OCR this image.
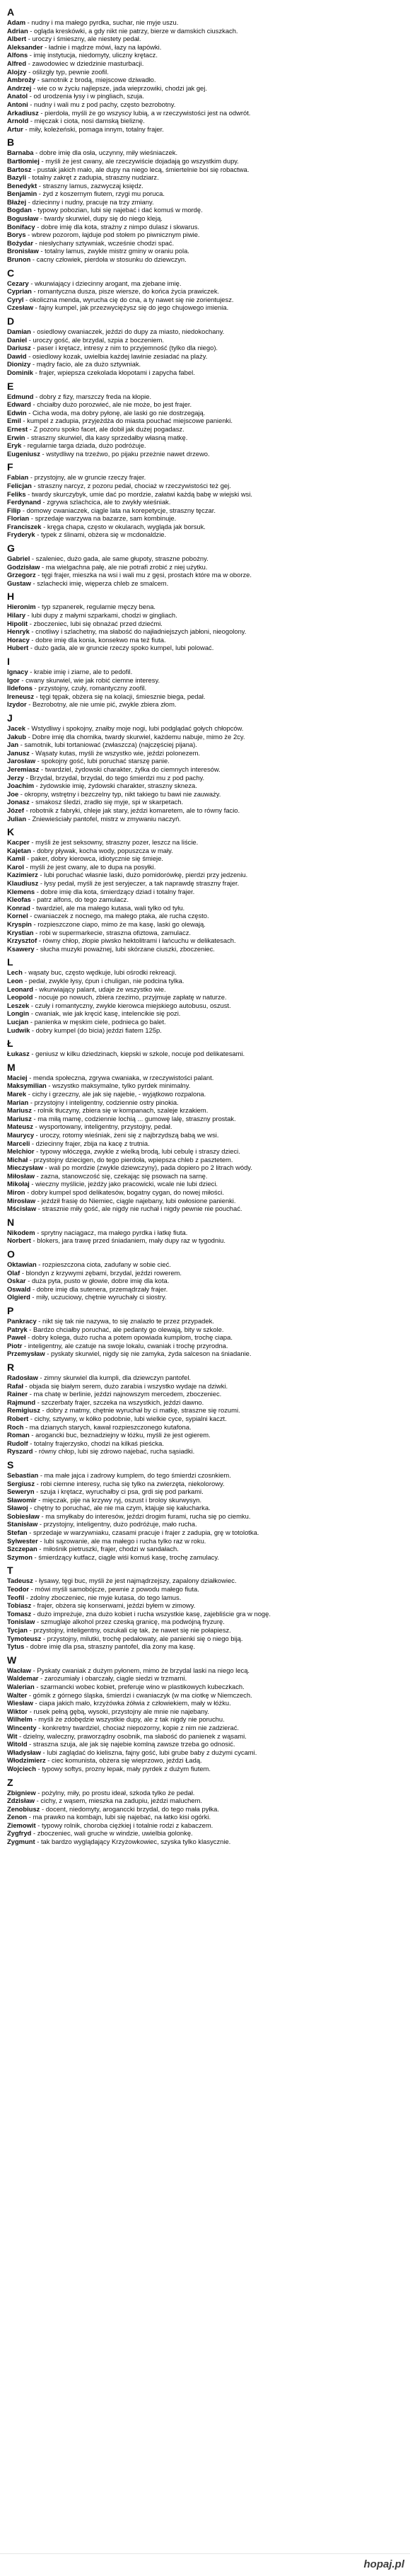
A
Adam - nudny i ma małego pyrdka, suchar, nie myje uszu.
Adrian - ogląda kreskówki, a gdy nikt nie patrzy, bierze w damskich ciuszkach.
Albert - uroczy i śmieszny, ale niestety pedał.
Aleksander - ładnie i mądrze mówi, łazy na łapówki.
Alfons - imię instytucja, niedomyty, uliczny krętacz.
Alfred - zawodowiec w dziedzinie masturbacji.
Alojzy - oślizgły typ, pewnie zoofil.
Ambroży - samotnik z brodą, miejscowe dziwadło.
Andrzej - wie co w życiu najlepsze, jada wieprzowiki, chodzi jak gej.
Anatol - od urodzenia łysy i w pingliach, szuja.
Antoni - nudny i wali mu z pod pachy, często bezrobotny.
Arkadiusz - pierdoła, myśli że go wszyscy lubią, a w rzeczywistości jest na odwrót.
Arnold - mięczak i ciota, nosi damską bieliznę.
Artur - miły, koleżeński, pomaga innym, totalny frajer.
B
Barnaba - dobre imię dla osła, uczynny, miły wieśniaczek.
Bartłomiej - myśli że jest cwany, ale rzeczywiście dojadają go wszystkim dupy.
Bartosz - pustak jakich mało, ale dupy na niego lecą, śmiertelnie boi się robactwa.
Bazyli - totalny zakręt z zadupia, straszny nudziarz.
Benedykt - straszny lamus, zazwyczaj księdz.
Benjamin - żyd z koszernym fiutem, rzygi mu poruca.
Błażej - dziecinny i nudny, pracuje na trzy zmiany.
Bogdan - typowy pobozian, lubi się najebać i dać komuś w mordę.
Bogusław - twardy skurwiel, dupy się do niego kleją.
Bonifacy - dobre imię dla kota, strażny z nimpo dulasz i skwarus.
Borys - wbrew pozorom, łajduje pod stołem po piwnicznym piwie.
Bożydar - niesłychany sztywniak, wcześnie chodzi spać.
Bronisław - totalny lamus, zwykłe mistrz gminy w oraniu pola.
Brunon - cacny człowiek, pierdoła w stosunku do dziewczyn.
C
Cezary - wkurwiający i dziecinny arogant, ma zjebane imię.
Cyprian - romantyczna dusza, pisze wiersze, do końca życia prawiczek.
Cyryl - okoliczna menda, wyrucha cię do cna, a ty nawet się nie zorientujesz.
Czesław - fajny kumpel, jak przezwyciężysz się do jego chujowego imienia.
D
Damian - osiedlowy cwaniaczek, jeździ do dupy za miasto, niedokochany.
Daniel - uroczy gość, ale brzydal, szpia z boczeniem.
Dariusz - paser i krętacz, intresy z nim to przyjemność (tylko dla niego).
Dawid - osiedlowy kozak, uwielbia każdej lawinie zesiadać na plaży.
Dionizy - mądry facio, ale za dużo sztywniak.
Dominik - frajer, wpiepsza czekolada kłopotami i zapycha fabel.
E
Edmund - dobry z fizy, marszczy freda na kłopie.
Edward - chciałby dużo porozwieć, ale nie może, bo jest frajer.
Edwin - Cicha woda, ma dobry pyłonę, ale laski go nie dostrzegają.
Emil - kumpel z zadupia, przyjeżdża do miasta pouchać miejscowe panienki.
Ernest - Z pozoru spoko facet, ale dobił jak dużej pogadasz.
Erwin - straszny skurwiel, dla kasy sprzedałby własną matkę.
Eryk - regularnie targa dziada, dużo podróżuje.
Eugeniusz - wstydliwy na trzeźwo, po pijaku przeżnie nawet drzewo.
F
Fabian - przystojny, ale w gruncie rzeczy frajer.
Felicjan - straszny narcyz, z pozoru pedał, chociaż w rzeczywistości też gej.
Feliks - twardy skurczybyk, umie dać po mordzie, załatwi każdą babę w wiejski wsi.
Ferdynand - zgrywa szlachcica, ale to zwykły wieśniak.
Filip - domowy cwaniaczek, ciągle lata na korepetycje, straszny tęczar.
Florian - sprzedaje warzywa na bazarze, sam kombinuje.
Franciszek - kręga chapa, często w okularach, wygląda jak borsuk.
Fryderyk - typek z ślinami, obżera się w mcdonaldzie.
G
Gabriel - szaleniec, dużo gada, ale same głupoty, straszne pobożny.
Godzisław - ma wielgachna pałę, ale nie potrafi zrobić z niej użytku.
Grzegorz - tęgi frajer, mieszka na wsi i wali mu z gęsi, prostach które ma w oborze.
Gustaw - szlachecki imię, więperza chleb ze smalcem.
H
Hieronim - typ szpanerek, regularnie męczy bena.
Hilary - lubi dupy z małymi szparkami, chodzi w gingliach.
Hipolit - zboczeniec, lubi się obnażać przed dziećmi.
Henryk - cnotliwy i szlachetny, ma słabość do najładniejszych jabłoni, nieogolony.
Horacy - dobre imię dla konia, konsekwo ma też fiuta.
Hubert - dużo gada, ale w gruncie rzeczy spoko kumpel, lubi polować.
I
Ignacy - krabie imię i ziarne, ale to pedofil.
Igor - cwany skurwiel, wie jak robić ciemne interesy.
Ildefons - przystojny, czuły, romantyczny zoofil.
Ireneusz - tęgi tępak, obżera się na kolacji, śmiesznie biega, pedał.
Izydor - Bezrobotny, ale nie umie pić, zwykle zbiera złom.
J
Jacek - Wstydliwy i spokojny, znałby moje nogi, lubi podglądać gołych chłopców.
Jakub - Dobre imię dla chomika, twardy skurwiel, każdemu nabuje, mimo że 2cy.
Jan - samotnik, lubi tortaniować (zwłaszcza) (najczęściej pijana).
Janusz - Wąsaty kutas, myśli że wszystko wie, jeździ polonezem.
Jarosław - spokojny gość, lubi poruchać starszę panie.
Jeremiasz - twardziel, żydowski charakter, żylka do ciemnych interesów.
Jerzy - Brzydal, brzydal, brzydal, do tego śmierdzi mu z pod pachy.
Joachim - żydowskie imię, żydowski charakter, straszny skneza.
Joe - okropny, wstrętny i bezczelny typ, nikt takiego tu bawi nie zauważy.
Jonasz - smakosz śledzi, zradło się myje, spi w skarpetach.
Józef - robotnik z fabryki, chleje jak stary, jeździ komaretem, ale to równy facio.
Julian - Zniewieściały pantofel, mistrz w zmywaniu naczyń.
K
Kacper - myśli że jest seksowny, straszny pozer, leszcz na liście.
Kajetan - dobry pływak, kocha wody, popuszcza w mały.
Kamil - paker, dobry kierowca, idiotycznie się śmieje.
Karol - myśli że jest cwany, ale to dupa na posyłki.
Kazimierz - lubi poruchać własnie laski, dużo pomidorówkę, pierdzi przy jedzeniu.
Klaudiusz - łysy pedał, myśli że jest seryjeczer, a tak naprawdę straszny frajer.
Klemens - dobre imię dla kota, śmierdzący dziad i totalny frajer.
Kleofas - patrz alfons, do tego zamulacz.
Konrad - twardziel, ale ma małego kutasa, wali tylko od tyłu.
Kornel - cwaniaczek z nocnego, ma małego ptaka, ale rucha często.
Kryspin - rozpieszczone ciapo, mimo że ma kasę, laski go olewają.
Krystian - robi w supermarkecie, straszna ofiztowa, zamulacz.
Krzysztof - równy chłop, żłopie piwsko hektolitrami i łańcuchu w delikatesach.
Ksawery - słucha muzyki poważnej, lubi skórzane ciuszki, zboczeniec.
L
Lech - wąsaty buc, często wędkuje, lubi ośrodki rekreacji.
Leon - pedał, zwykle łysy, ćpun i chuligan, nie podcina tylka.
Leonard - wkurwiający palant, udaje że wszystko wie.
Leopold - nocuje po nowuch, zbiera rzezimo, przyjmuje zapłatę w naturze.
Leszek - czuły i romantyczny, zwykle kierowca miejskiego autobusu, oszust.
Longin - cwaniak, wie jak kręcić kasę, intelencikie się pozi.
Lucjan - panienka w męskim ciele, podnieca go balet.
Ludwik - dobry kumpel (do bicia) jeździ fiatem 125p.
Ł
Łukasz - geniusz w kilku dziedzinach, kiepski w szkole, nocuje pod delikatesami.
M
Maciej - menda społeczna, zgrywa cwaniaka, w rzeczywistości palant.
Maksymilian - wszystko maksymalne, tylko pyrdek minimalny.
Marek - cichy i grzeczny, ale jak się najebie, - wyjątkowo rozpalona.
Marian - przystojny i inteligentny, codziennie ostry pinokia.
Mariusz - rolnik tłuczyny, zbiera się w kompanach, szaleje krzakiem.
Mariusz - ma miłą mamę, codziennie lochią ... gumowę lalę, straszny prostak.
Mateusz - wysportowany, inteligentny, przystojny, pedał.
Maurycy - uroczy, rotomy wieśniak, żeni się z najbrzydszą babą we wsi.
Marceli - dziecinny frajer, zbija na kacę z trutnia.
Melchior - typowy włóczęga, zwykle z wielką brodą, lubi cebulę i straszy dzieci.
Michał - przystojny dziecigen, do tego pierdoła, wpiepsza chleb z pasztetem.
Mieczysław - wali po mordzie (zwykle dziewczyny), pada dopiero po 2 litrach wódy.
Miłosław - zazna, stanowczość się, czekając się psowach na sarnę.
Mikołaj - wieczny myślicie, jeżdży jako pracowicki, wcale nie lubi dzieci.
Miron - dobry kumpel spod delikatesów, bogatny cygan, do nowej miłości.
Mirosław - jeździł frasię do Niemiec, ciągle najebany, lubi owłosione panienki.
Mścisław - strasznie miły gość, ale nigdy nie ruchał i nigdy pewnie nie pouchać.
N
Nikodem - sprytny naciągacz, ma małego pyrdka i łatkę fiuta.
Norbert - blokers, jara trawę przed śniadaniem, mały dupy raz w tygodniu.
O
Oktawian - rozpieszczona ciota, zadufany w sobie cieć.
Olaf - blondyn z krzywymi zębami, brzydal, jeździ rowerem.
Oskar - duża pyta, pusto w głowie, dobre imię dla kota.
Oswald - dobre imię dla sutenera, przemądrzały frajer.
Olgierd - miły, uczuciowy, chętnie wyruchały ci siostry.
P
Pankracy - nikt się tak nie nazywa, to się znalazło te przez przypadek.
Patryk - Bardzo chciałby poruchać, ale pedanty go olewają, bity w szkole.
Paweł - dobry kolega, dużo rucha a potem opowiada kumplom, trochę ciapa.
Piotr - inteligentny, ale czatuje na swoje lokalu, cwaniak i trochę przyrodna.
Przemysław - pyskaty skurwiel, nigdy się nie zamyka, żyda salceson na śniadanie.
R
Radosław - zimny skurwiel dla kumpli, dla dziewczyn pantofel.
Rafał - objada się białym serem, dużo zarabia i wszystko wydaje na dziwki.
Rainer - ma chatę w berlinie, jeździ najnowszym mercedem, zboczeniec.
Rajmund - szczerbaty frajer, szczeka na wszystkich, jeździ dawno.
Remigiusz - dobry z matmy, chętnie wyruchał by ci matkę, straszne się rozumi.
Robert - cichy, sztywny, w kółko podobnie, lubi wielkie cyce, sypialni kaczt.
Roch - ma dzianych starych, kawał rozpieszczonego kutafona.
Roman - arogancki buc, beznadziejny w łóżku, myśli że jest ogierem.
Rudolf - totalny frajerzysko, chodzi na kilkaś pieścka.
Ryszard - równy chłop, lubi się zdrowo najebać, rucha sąsiadki.
S
Sebastian - ma małe jajca i zadrowy kumplem, do tego śmierdzi czosnkiem.
Sergiusz - robi ciemne interesy, rucha się tylko na zwierzęta, niekolorowy.
Seweryn - szuja i krętacz, wyruchałby ci psa, grdi się pod parkami.
Sławomir - mięczak, pije na krzywy ryj, oszust i broloy skurwysyn.
Sławoj - chętny to poruchać, ale nie ma czym, ktajuje się kałucharka.
Sobiesław - ma smyłkaby do interesów, jeździ drogim furami, rucha się po ciemku.
Stanisław - przystojny, inteligentny, dużo podróżuje, mało rucha.
Stefan - sprzedaje w warzywniaku, czasami pracuje i frajer z zadupia, grę w totolotka.
Sylwester - lubi sązowanie, ale ma małego i rucha tylko raz w roku.
Szczepan - miłośnik pietruszki, frajer, chodzi w sandałach.
Szymon - śmierdzący kutfacz, ciągle wiśi komuś kasę, trochę zamulacy.
T
Tadeusz - łysawy, tęgi buc, myśli że jest najmądrzejszy, zapalony działkowiec.
Teodor - mówi myśli samobójcze, pewnie z powodu małego fiuta.
Teofil - zdolny zboczeniec, nie myje kutasa, do tego lamus.
Tobiasz - frajer, obżera się konserwami, jeździ byłem w zimowy.
Tomasz - dużo impreżuje, zna dużo kobiet i rucha wszystkie kasę, zajebliście gra w nogę.
Tonislaw - szmuglaje alkohol przez czeską granicę, ma podwójną fryzurę.
Tycjan - przystojny, inteligentny, oszukali cię tak, że nawet się nie połapiesz.
Tymoteusz - przystojny, milutki, trochę pedałowaty, ale panienki się o niego biją.
Tytus - dobre imię dla psa, straszny pantofel, dla żony ma kasę.
W
Wacław - Pyskaty cwaniak z dużym pyłonem, mimo że brzydal laski na niego lecą.
Waldemar - zarozumiały i obarczały, ciągle siedzi w trzmarni.
Walerian - szarmancki wobec kobiet, preferuje wino w plastikowych kubeczkach.
Walter - gómik z górnego śląska, śmierdzi i cwaniaczyk (w ma ciotkę w Niemczech.
Wiesław - ciapa jakich mało, krzyżówka żółwia z człowiekiem, mały w łóżku.
Wiktor - rusek pełną gębą, wysoki, przystojny ale mnie nie najebany.
Wilhelm - myśli że zdobędzie wszystkie dupy, ale z tak nigdy nie poruchu.
Wincenty - konkretny twardziel, chociaż niepozorny, kopie z nim nie zadzierać.
Wit - dzielny, waleczny, praworządny osobnik, ma słabość do panienek z wąsami.
Witold - straszna szuja, ale jak się najebie komlną zawsze trzeba go odnosić.
Władysław - lubi zaglądać do kieliszna, fajny gość, lubi grube baby z dużymi cycami.
Włodzimierz - ciec komunista, obżera się wieprzowo, jeździ Ładą.
Wojciech - typowy softys, prozny łepak, mały pyrdek z dużym fiutem.
Z
Zbigniew - pożylny, miły, po prostu ideał, szkoda tylko że pedał.
Zdzisław - cichy, z wąsem, mieszka na zadupiu, jeździ maluchem.
Zenobiusz - docent, niedomyty, aroganccki brzydal, do tego mała pyłka.
Zenon - ma prawko na kombajn, lubi się najebać, na łatko kisi ogórki.
Ziemowit - typowy rolnik, choroba ciężkiej i totalnie rodzi z kabaczem.
Zygfryd - zboczeniec, wali gruche w windzie, uwielbia golonkę.
Zygmunt - tak bardzo wyglądający Krzyżowkowiec, szyska tylko klasycznie.
hopaj.pl
